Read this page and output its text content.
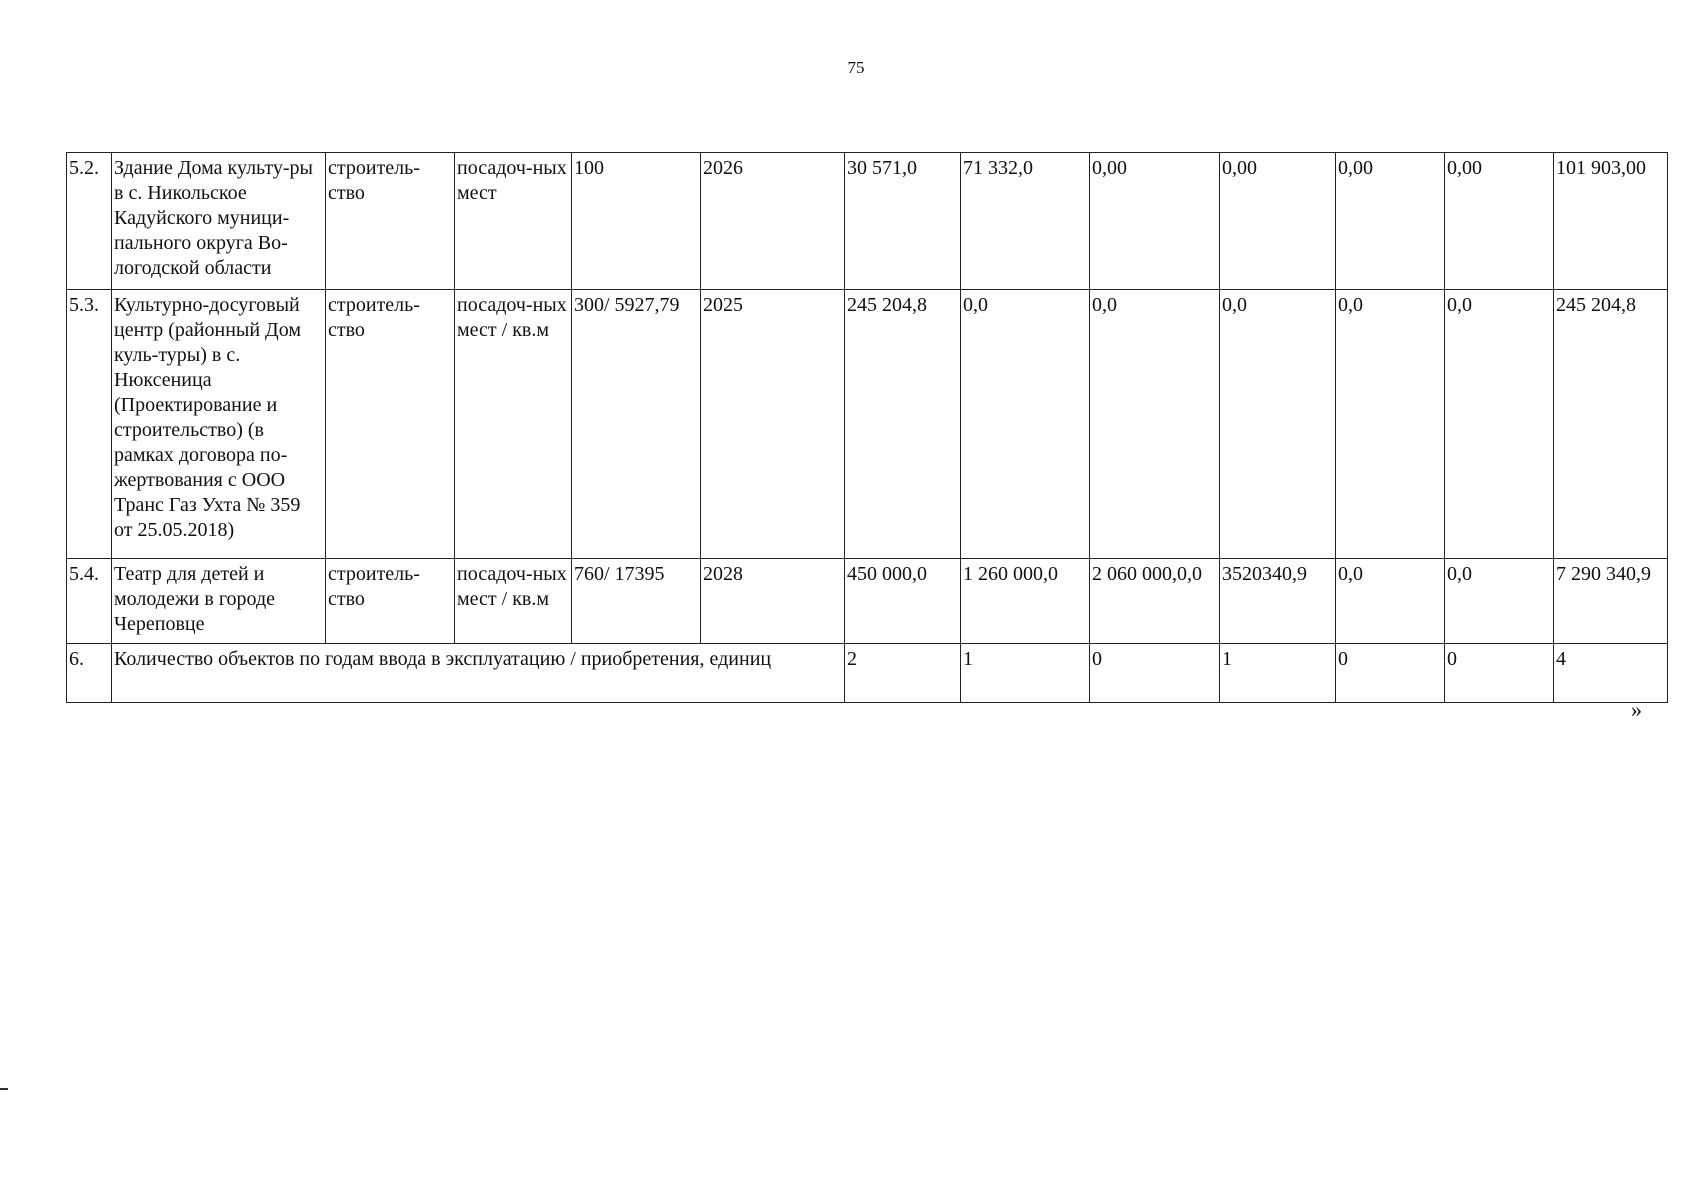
75
5.2.	Здание Дома культу-ры в с. Никольское Кадуйского муници-пального округа Во-логодской области	строитель-ство	посадоч-ных мест	100	2026	30 571,0	71 332,0	0,00	0,00	0,00	0,00	101 903,00
5.3.	Культурно-досуговый центр (районный Дом куль-туры) в с. Нюксеница (Проектирование и строительство) (в рамках договора по-жертвования с ООО Транс Газ Ухта № 359 от 25.05.2018)	строитель-ство	посадоч-ных мест / кв.м	300/ 5927,79	2025	245 204,8	0,0	0,0	0,0	0,0	0,0	245 204,8
5.4.	Театр для детей и молодежи в городе Череповце	строитель-ство	посадоч-ных мест / кв.м	760/ 17395	2028	450 000,0	1 260 000,0	2 060 000,0,0	3520340,9	0,0	0,0	7 290 340,9
6.	Количество объектов по годам ввода в эксплуатацию / приобретения, единиц					2	1	0	1	0	0	4
»
